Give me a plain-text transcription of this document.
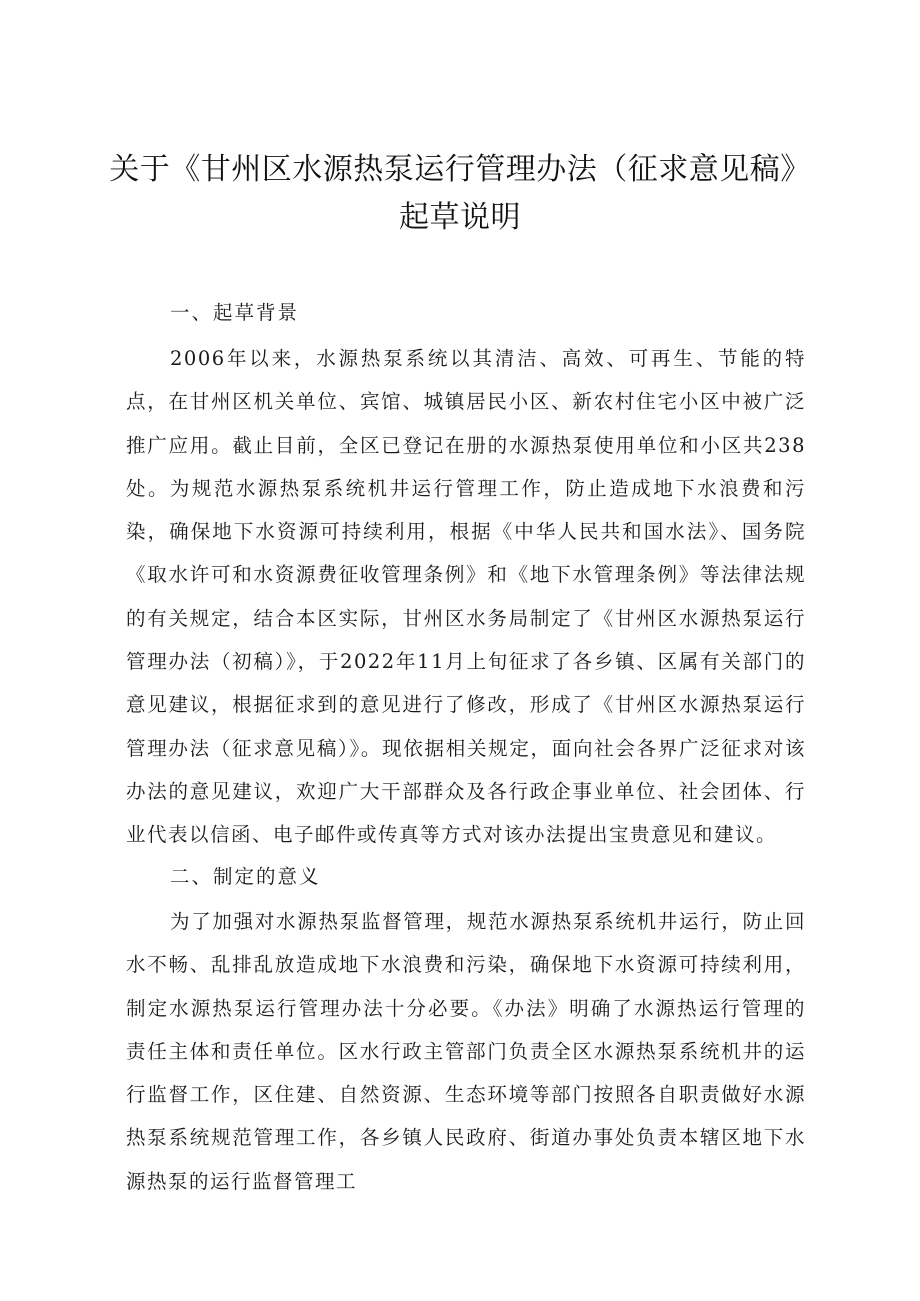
关于《甘州区水源热泵运行管理办法（征求意见稿》
起草说明
一、起草背景
2006年以来，水源热泵系统以其清洁、高效、可再生、节能的特点，在甘州区机关单位、宾馆、城镇居民小区、新农村住宅小区中被广泛推广应用。截止目前，全区已登记在册的水源热泵使用单位和小区共238处。为规范水源热泵系统机井运行管理工作，防止造成地下水浪费和污染，确保地下水资源可持续利用，根据《中华人民共和国水法》、国务院《取水许可和水资源费征收管理条例》和《地下水管理条例》等法律法规的有关规定，结合本区实际，甘州区水务局制定了《甘州区水源热泵运行管理办法（初稿）》，于2022年11月上旬征求了各乡镇、区属有关部门的意见建议，根据征求到的意见进行了修改，形成了《甘州区水源热泵运行管理办法（征求意见稿）》。现依据相关规定，面向社会各界广泛征求对该办法的意见建议，欢迎广大干部群众及各行政企事业单位、社会团体、行业代表以信函、电子邮件或传真等方式对该办法提出宝贵意见和建议。
二、制定的意义
为了加强对水源热泵监督管理，规范水源热泵系统机井运行，防止回水不畅、乱排乱放造成地下水浪费和污染，确保地下水资源可持续利用，制定水源热泵运行管理办法十分必要。《办法》明确了水源热运行管理的责任主体和责任单位。区水行政主管部门负责全区水源热泵系统机井的运行监督工作，区住建、自然资源、生态环境等部门按照各自职责做好水源热泵系统规范管理工作，各乡镇人民政府、街道办事处负责本辖区地下水源热泵的运行监督管理工
